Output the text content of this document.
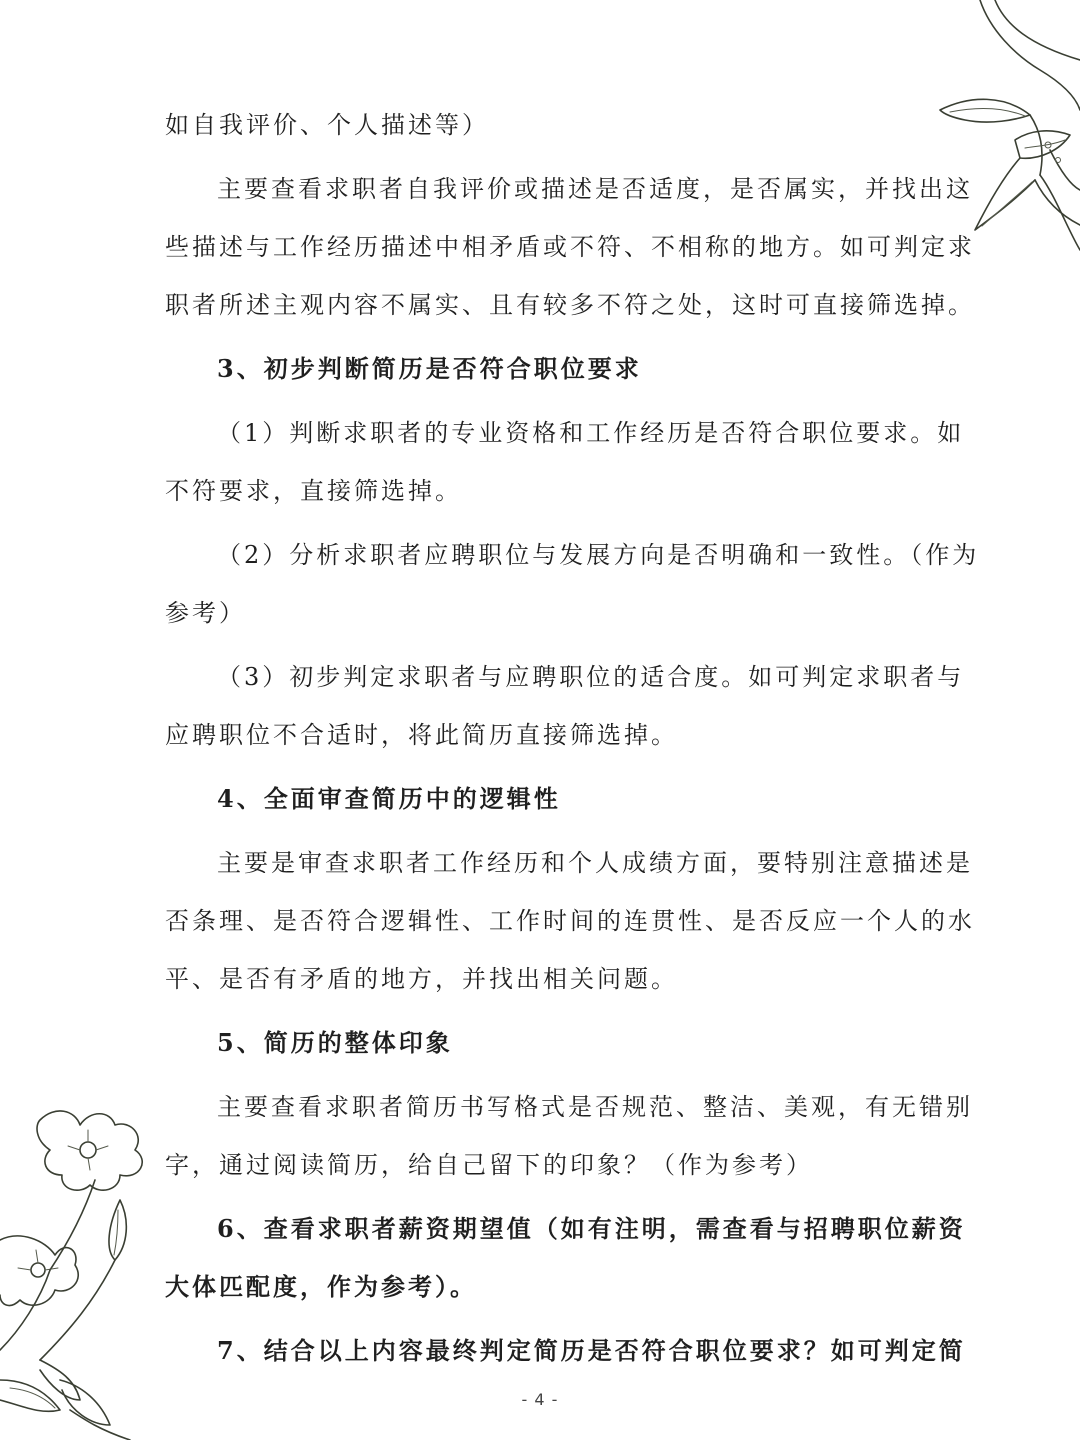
如自我评价、个人描述等）
主要查看求职者自我评价或描述是否适度，是否属实，并找出这
些描述与工作经历描述中相矛盾或不符、不相称的地方。如可判定求
职者所述主观内容不属实、且有较多不符之处，这时可直接筛选掉。
3、初步判断简历是否符合职位要求
（1）判断求职者的专业资格和工作经历是否符合职位要求。如
不符要求，直接筛选掉。
（2）分析求职者应聘职位与发展方向是否明确和一致性。（作为
参考）
（3）初步判定求职者与应聘职位的适合度。如可判定求职者与
应聘职位不合适时，将此简历直接筛选掉。
4、全面审查简历中的逻辑性
主要是审查求职者工作经历和个人成绩方面，要特别注意描述是
否条理、是否符合逻辑性、工作时间的连贯性、是否反应一个人的水
平、是否有矛盾的地方，并找出相关问题。
5、简历的整体印象
主要查看求职者简历书写格式是否规范、整洁、美观，有无错别
字，通过阅读简历，给自己留下的印象？（作为参考）
6、查看求职者薪资期望值（如有注明，需查看与招聘职位薪资
大体匹配度，作为参考）。
7、结合以上内容最终判定简历是否符合职位要求？如可判定简
- 4 -
